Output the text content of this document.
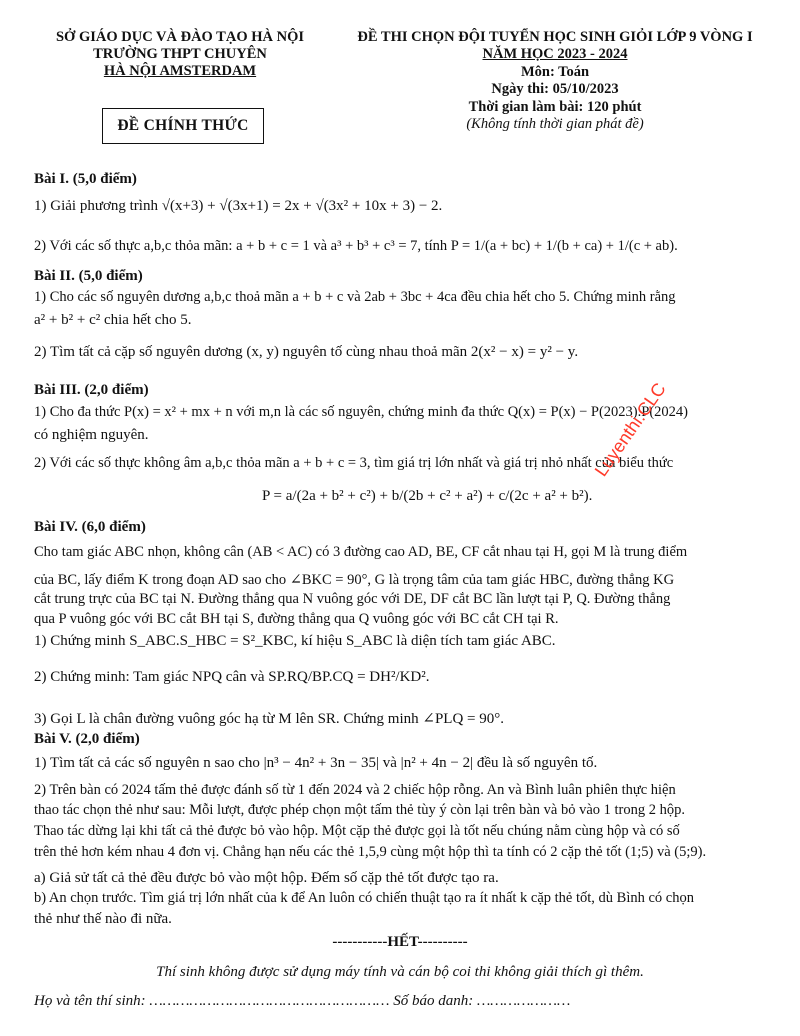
SỞ GIÁO DỤC VÀ ĐÀO TẠO HÀ NỘI
TRƯỜNG THPT CHUYÊN
HÀ NỘI AMSTERDAM
ĐỀ THI CHỌN ĐỘI TUYỂN HỌC SINH GIỎI LỚP 9 VÒNG I
NĂM HỌC 2023 - 2024
Môn: Toán
Ngày thi: 05/10/2023
Thời gian làm bài: 120 phút
(Không tính thời gian phát đề)
ĐỀ CHÍNH THỨC
Bài I. (5,0 điểm)
1) Giải phương trình √(x+3) + √(3x+1) = 2x + √(3x² + 10x + 3) − 2.
2) Với các số thực a,b,c thỏa mãn: a + b + c = 1 và a³ + b³ + c³ = 7, tính P = 1/(a + bc) + 1/(b + ca) + 1/(c + ab).
Bài II. (5,0 điểm)
1) Cho các số nguyên dương a,b,c thoả mãn a + b + c và 2ab + 3bc + 4ca đều chia hết cho 5. Chứng minh rằng
a² + b² + c² chia hết cho 5.
2) Tìm tất cả cặp số nguyên dương (x, y) nguyên tố cùng nhau thoả mãn 2(x² − x) = y² − y.
Bài III. (2,0 điểm)
1) Cho đa thức P(x) = x² + mx + n với m,n là các số nguyên, chứng minh đa thức Q(x) = P(x) − P(2023).P(2024)
có nghiệm nguyên.
2) Với các số thực không âm a,b,c thỏa mãn a + b + c = 3, tìm giá trị lớn nhất và giá trị nhỏ nhất của biểu thức
P = a/(2a + b² + c²) + b/(2b + c² + a²) + c/(2c + a² + b²).
Luyenthi.CLC
Bài IV. (6,0 điểm)
Cho tam giác ABC nhọn, không cân (AB < AC) có 3 đường cao AD, BE, CF cắt nhau tại H, gọi M là trung điểm
của BC, lấy điểm K trong đoạn AD sao cho ∠BKC = 90°, G là trọng tâm của tam giác HBC, đường thẳng KG
cắt trung trực của BC tại N. Đường thẳng qua N vuông góc với DE, DF cắt BC lần lượt tại P, Q. Đường thẳng
qua P vuông góc với BC cắt BH tại S, đường thẳng qua Q vuông góc với BC cắt CH tại R.
1) Chứng minh S_ABC.S_HBC = S²_KBC, kí hiệu S_ABC là diện tích tam giác ABC.
2) Chứng minh: Tam giác NPQ cân và SP.RQ/BP.CQ = DH²/KD².
3) Gọi L là chân đường vuông góc hạ từ M lên SR. Chứng minh ∠PLQ = 90°.
Bài V. (2,0 điểm)
1) Tìm tất cả các số nguyên n sao cho |n³ − 4n² + 3n − 35| và |n² + 4n − 2| đều là số nguyên tố.
2) Trên bàn có 2024 tấm thẻ được đánh số từ 1 đến 2024 và 2 chiếc hộp rỗng. An và Bình luân phiên thực hiện
thao tác chọn thẻ như sau: Mỗi lượt, được phép chọn một tấm thẻ tùy ý còn lại trên bàn và bỏ vào 1 trong 2 hộp.
Thao tác dừng lại khi tất cả thẻ được bỏ vào hộp. Một cặp thẻ được gọi là tốt nếu chúng nằm cùng hộp và có số
trên thẻ hơn kém nhau 4 đơn vị. Chẳng hạn nếu các thẻ 1,5,9 cùng một hộp thì ta tính có 2 cặp thẻ tốt (1;5) và (5;9).
a) Giả sử tất cả thẻ đều được bỏ vào một hộp. Đếm số cặp thẻ tốt được tạo ra.
b) An chọn trước. Tìm giá trị lớn nhất của k để An luôn có chiến thuật tạo ra ít nhất k cặp thẻ tốt, dù Bình có chọn
thẻ như thế nào đi nữa.
-----------HẾT----------
Thí sinh không được sử dụng máy tính và cán bộ coi thi không giải thích gì thêm.
Họ và tên thí sinh: ……………………………………………… Số báo danh: …………………
